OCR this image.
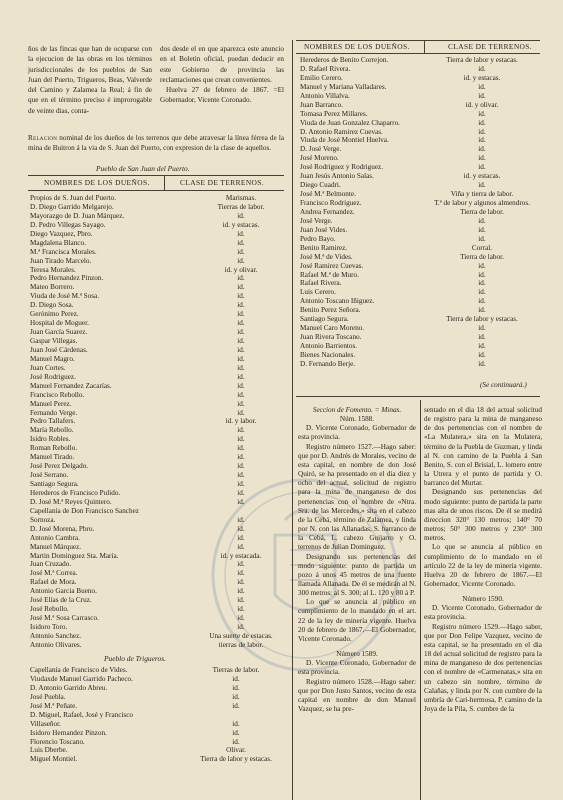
ños de las fincas que han de ocuparse con la ejecucion de las obras en los términos jurisdiccionales de los pueblos de San Juan del Puerto, Trigueros, Beas, Valverde del Camino y Zalamea la Real; á fin de que en el término preciso é improrogable de veinte dias, conta-

dos desde el en que aparezca este anuncio en el Boletin oficial, puedan deducir en este Gobierno de provincia las reclamaciones que crean convenientes.

Huelva 27 de febrero de 1867. =El Gobernador, Vicente Coronado.

Relacion nominal de los dueños de los terrenos que debe atravesar la línea férrea de la mina de Buitron á la via de S. Juan del Puerto, con expresion de la clase de aquellos.
Pueblo de San Juan del Puerto.
NOMBRES DE LOS DUEÑOS.	CLASE DE TERRENOS.
Propios de S. Juan del Puerto.
D. Diego Garrido Melgarejo.
Mayorazgo de D. Juan Márquez.
D. Pedro Villegas Sayago.
Diego Vazquez, Pbro.
Magdalena Blanco.
M.ª Francisca Morales.
Juan Tirado Marcelo.
Teresa Morales.
Pedro Hernandez Pinzon.
Mateo Borrero.
Viuda de José M.ª Sosa.
D. Diego Sosa.
Gerónimo Perez.
Hospital de Moguer.
Juan García Suarez.
Gaspar Villegas.
Juan José Cárdenas.
Manuel Magro.
Juan Cortes.
José Rodriguez.
Manuel Fernandez Zacarías.
Francisco Rebollo.
Manuel Perez.
Fernando Verge.
Pedro Tallafers.
María Rebollo.
Isidro Robles.
Roman Rebollo.
Manuel Tirado.
José Perez Delgado.
José Serrano.
Santiago Segura.
Herederos de Francisco Pulido.
D. José M.ª Reyes Quintero.
Capellanía de Don Francisco Sanchez
Sornoza.
D. José Morena, Pbro.
Antonio Cambra.
Manuel Márquez.
Martin Dominguez Sta. María.
Juan Cruzado.
José M.ª Correa.
Rafael de Mora.
Antonio Garcia Bueno.
José Elías de la Cruz.
José Rebollo.
José M.ª Sosa Carrasco.
Isidoro Toro.
Antonio Sanchez.
Antonio Olivares.
Marismas.
Tierras de labor.
id.
id. y estacas.
id.
id.
id.
id.
id. y olivar.
id.
id.
id.
id.
id.
id.
id.
id.
id.
id.
id.
id.
id.
id.
id.
id.
id. y labor.
id.
id.
id.
id.
id.
id.
id.
id.
id.
id.
id.
id.
id.
id. y estacada.
id.
id.
id.
id.
id.
id.
id.
id.
Una suerte de estacas.
tierras de labor.
Pueblo de Trigueros.
Capellanía de Francisco de Vides.
Viudaxde Manuel Garrido Pacheco.
D. Antonio Garrido Abreu.
José Puebla.
José M.ª Peñate.
D. Miguel, Rafael, José y Francisco
Villaseñor.
Isidoro Hernandez Pinzon.
Florencio Toscano.
Luis Dberbe.
Miguel Montiel.
Tierras de labor.
id.
id.
id.
id.
id.
id.
id.
Olivar.
Tierra de labor y estacas.
NOMBRES DE LOS DUEÑOS.	CLASE DE TERRENOS.
Herederos de Benito Correjon.
D. Rafael Rivera.
Emilio Cerero.
Manuel y Mariana Valladares.
Antonio Villalva.
Juan Barranco.
Tomasa Perez Millares.
Viuda de Juan Gonzalez Chaparro.
D. Antonio Ramirez Cuevas.
Viuda de José Montiel Huelva.
D. José Verge.
José Moreno.
José Rodriguez y Rodriguez.
Juan Jesús Antonio Salas.
Diego Cuadri.
José M.ª Belmonte.
Francisco Rodriguez.
Andrea Fernandez.
José Verge.
Juan José Vides.
Pedro Bayo.
Benito Ramirez.
José M.ª de Vides.
José Ramirez Cuevas.
Rafael M.ª de Muro.
Rafael Rivera.
Luis Cerero.
Antonio Toscano Iñiguez.
Benito Perez Señora.
Santiago Segura.
Manuel Caro Moreno.
Juan Rivera Toscano.
Antonio Barrientos.
Bienes Nacionales.
D. Fernando Berje.
Tierra de labor y estacas.
id.
id. y estacas.
id.
id.
id. y olivar.
id.
id.
id.
id.
id.
id.
id.
id. y estacas.
id.
Viña y tierra de labor.
T.ª de labor y algunos almendros.
Tierra de labor.
id.
id.
id.
Corral.
Tierra de labor.
id.
id.
id.
id.
id.
id.
Tierra de labor y estacas.
id.
id.
id.
id.
id.
(Se continuará.)

Seccion de Fomento. = Minas.

Núm. 1588.

D. Vicente Coronado, Gobernador de esta provincia.

Registro número 1527.—Hago saber: que por D. Andrés de Morales, vecino de esta capital, en nombre de don José Quiró, se ha presentado en el dia diez y ocho del actual, solicitud de registro para la mina de manganeso de dos pertenencias con el nombre de «Ntra. Sra. de las Mercedes,» sita en el cabezo de la Cebá, término de Zalamea, y linda por N. con las Allanadas, S. barranco de la Cebá, L. cabezo Guijarro y O. terrenos de Julian Dominguez.

Designando sus pertenencias del modo siguiente: punto de partida un pozo á unos 45 metros de una fuente llamada Allanada. De él se medirán al N. 300 metros; al S. 300; al L. 120 y 80 á P.

Lo que se anuncia al público en cumplimiento de lo mandado en el art. 22 de la ley de minería vigente. Huelva 20 de febrero de 1867.—El Gobernador, Vicente Coronado.

Número 1589.

D. Vicente Coronado, Gobernador de esta provincia.

Registro número 1528.—Hago saber: que por Don Justo Santos, vecino de esta capital en nombre de don Manuel Vazquez, se ha pre-

sentado en el dia 18 del actual solicitud de registro para la mina de manganeso de dos pertenencias con el nombre de «La Mulatera,» sita en la Mulatera, término de la Puebla de Guzman, y linda al N. con camino de la Puebla á San Benito, S. con el Brisial, L. lomero entre la Utrera y el punto de partida y O. barranco del Murtar.

Designando sus pertenencias del modo siguiente: punto de partida la parte mas alta de unos riscos. De él se medirá direccion 320° 130 metros; 140° 70 metros; 50° 300 metros y 230° 300 metros.

Lo que se anuncia al público en cumplimiento de lo mandado en el artículo 22 de la ley de minería vigente. Huelva 20 de febrero de 1867.—El Gobernador, Vicente Coronado.

Número 1590.

D. Vicente Coronado, Gobernador de esta provincia.

Registro número 1529.—Hago saber, que por Don Felipe Vazquez, vecino de esta capital, se ha presentado en el dia 18 del actual solicitud de registro para la mina de manganeso de dos pertenencias con el nombre de «Carmenatas,» sita en un cabezo sin nombre, término de Calañas, y linda por N. con cumbre de la umbría de Cari-hermosa, P. camino de la Joya de la Pila, S. cumbre de la
